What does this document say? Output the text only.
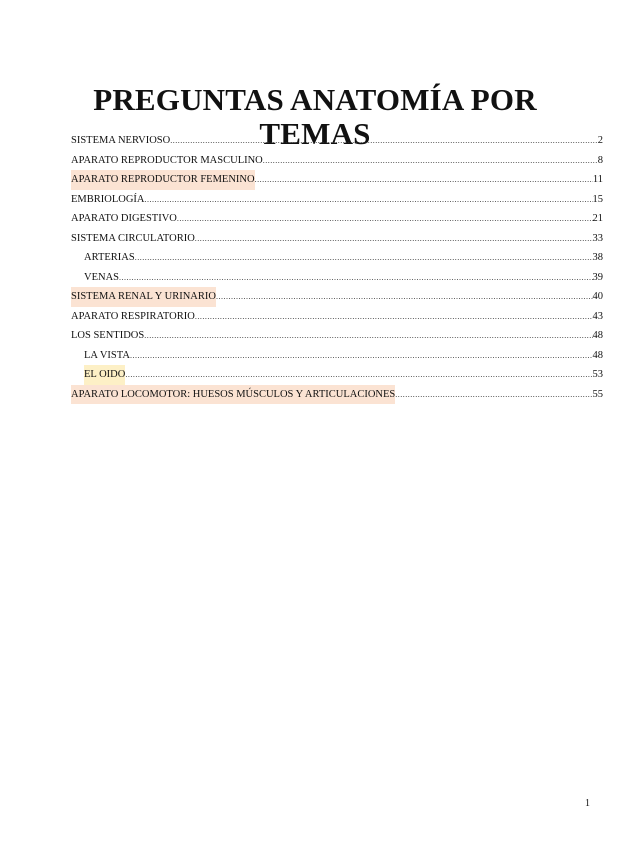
PREGUNTAS ANATOMÍA POR TEMAS
SISTEMA NERVIOSO .....	2
APARATO REPRODUCTOR MASCULINO .....	8
APARATO REPRODUCTOR FEMENINO .....	11
EMBRIOLOGÍA .....	15
APARATO DIGESTIVO .....	21
SISTEMA CIRCULATORIO .....	33
ARTERIAS .....	38
VENAS .....	39
SISTEMA RENAL Y URINARIO .....	40
APARATO RESPIRATORIO .....	43
LOS SENTIDOS .....	48
LA VISTA .....	48
EL OIDO .....	53
APARATO LOCOMOTOR: HUESOS MÚSCULOS Y ARTICULACIONES .....	55
1
